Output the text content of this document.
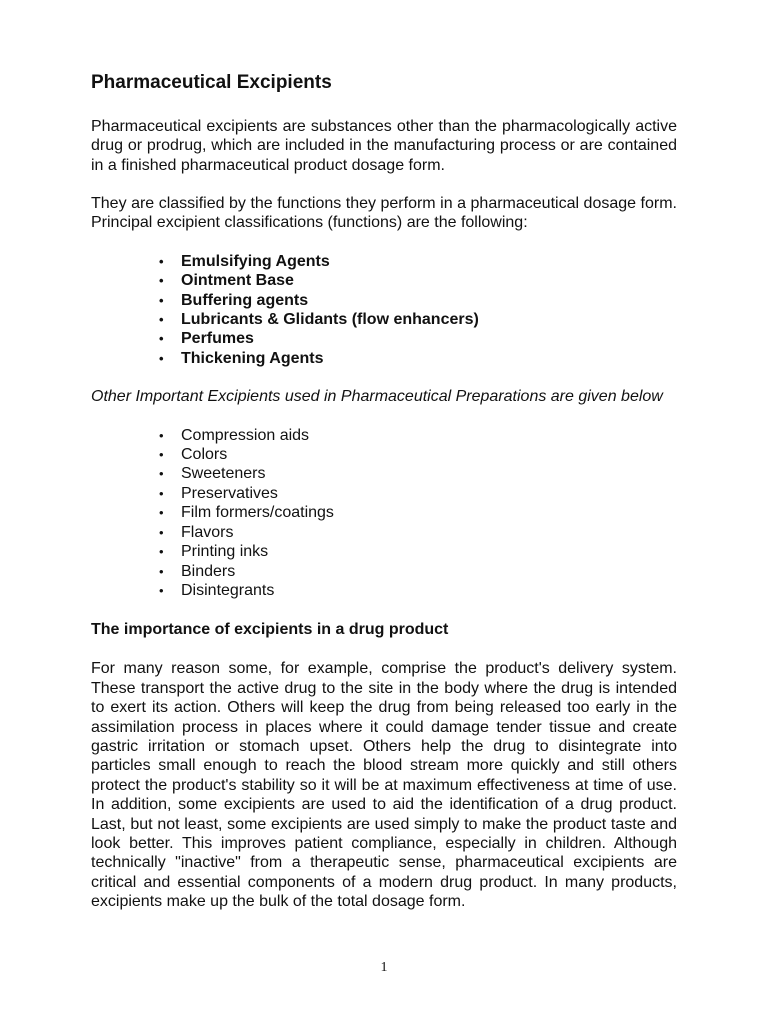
Pharmaceutical Excipients

Pharmaceutical excipients are substances other than the pharmacologically active drug or prodrug, which are included in the manufacturing process or are contained in a finished pharmaceutical product dosage form.

They are classified by the functions they perform in a pharmaceutical dosage form. Principal excipient classifications (functions) are the following:

•	Emulsifying Agents
•	Ointment Base
•	Buffering agents
•	Lubricants & Glidants (flow enhancers)
•	Perfumes
•	Thickening Agents

Other Important Excipients used in Pharmaceutical Preparations are given below

•	Compression aids
•	Colors
•	Sweeteners
•	Preservatives
•	Film formers/coatings
•	Flavors
•	Printing inks
•	Binders
•	Disintegrants
The importance of excipients in a drug product

For many reason some, for example, comprise the product's delivery system. These transport the active drug to the site in the body where the drug is intended to exert its action. Others will keep the drug from being released too early in the assimilation process in places where it could damage tender tissue and create gastric irritation or stomach upset. Others help the drug to disintegrate into particles small enough to reach the blood stream more quickly and still others protect the product's stability so it will be at maximum effectiveness at time of use. In addition, some excipients are used to aid the identification of a drug product. Last, but not least, some excipients are used simply to make the product taste and look better. This improves patient compliance, especially in children. Although technically "inactive" from a therapeutic sense, pharmaceutical excipients are critical and essential components of a modern drug product. In many products, excipients make up the bulk of the total dosage form.

1
